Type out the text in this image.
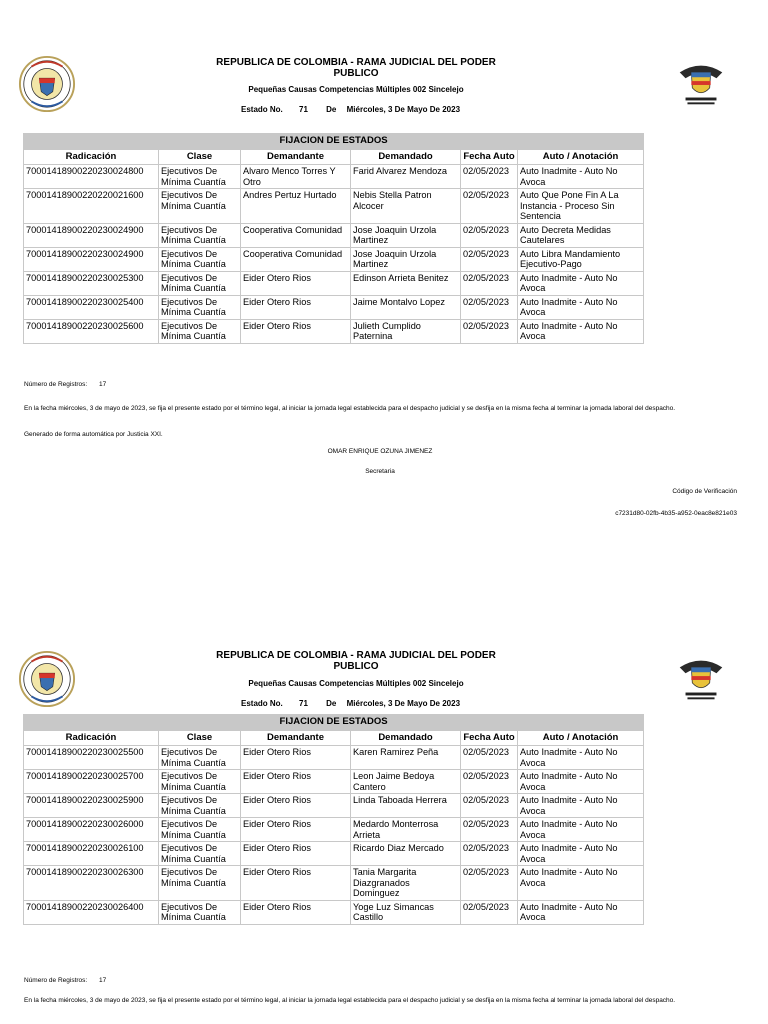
REPUBLICA DE COLOMBIA - RAMA JUDICIAL DEL PODER PUBLICO
Pequeñas Causas Competencias Múltiples 002 Sincelejo
Estado No. 71 De Miércoles, 3 De Mayo De 2023
FIJACION DE ESTADOS					
Radicación	Clase	Demandante	Demandado	Fecha Auto	Auto / Anotación
70001418900220230024800	Ejecutivos De Mínima Cuantía	Alvaro Menco Torres Y Otro	Farid Alvarez Mendoza	02/05/2023	Auto Inadmite - Auto No Avoca
70001418900220220021600	Ejecutivos De Mínima Cuantía	Andres Pertuz Hurtado	Nebis Stella Patron Alcocer	02/05/2023	Auto Que Pone Fin A La Instancia - Proceso Sin Sentencia
70001418900220230024900	Ejecutivos De Mínima Cuantía	Cooperativa Comunidad	Jose Joaquin Urzola Martinez	02/05/2023	Auto Decreta Medidas Cautelares
70001418900220230024900	Ejecutivos De Mínima Cuantía	Cooperativa Comunidad	Jose Joaquin Urzola Martinez	02/05/2023	Auto Libra Mandamiento Ejecutivo-Pago
70001418900220230025300	Ejecutivos De Mínima Cuantía	Eider Otero Rios	Edinson Arrieta Benitez	02/05/2023	Auto Inadmite - Auto No Avoca
70001418900220230025400	Ejecutivos De Mínima Cuantía	Eider Otero Rios	Jaime Montalvo Lopez	02/05/2023	Auto Inadmite - Auto No Avoca
70001418900220230025600	Ejecutivos De Mínima Cuantía	Eider Otero Rios	Julieth Cumplido Paternina	02/05/2023	Auto Inadmite - Auto No Avoca
Número de Registros: 17
En la fecha miércoles, 3 de mayo de 2023, se fija el presente estado por el término legal, al iniciar la jornada legal establecida para el despacho judicial y se desfija en la misma fecha al terminar la jornada laboral del despacho.
Generado de forma automática por Justicia XXI.
OMAR ENRIQUE OZUNA JIMENEZ
Secretaria
Código de Verificación
c7231d80-02fb-4b35-a952-0eac8e821e03
REPUBLICA DE COLOMBIA - RAMA JUDICIAL DEL PODER PUBLICO
Pequeñas Causas Competencias Múltiples 002 Sincelejo
Estado No. 71 De Miércoles, 3 De Mayo De 2023
FIJACION DE ESTADOS					
Radicación	Clase	Demandante	Demandado	Fecha Auto	Auto / Anotación
70001418900220230025500	Ejecutivos De Mínima Cuantía	Eider Otero Rios	Karen Ramirez Peña	02/05/2023	Auto Inadmite - Auto No Avoca
70001418900220230025700	Ejecutivos De Mínima Cuantía	Eider Otero Rios	Leon Jaime Bedoya Cantero	02/05/2023	Auto Inadmite - Auto No Avoca
70001418900220230025900	Ejecutivos De Mínima Cuantía	Eider Otero Rios	Linda Taboada Herrera	02/05/2023	Auto Inadmite - Auto No Avoca
70001418900220230026000	Ejecutivos De Mínima Cuantía	Eider Otero Rios	Medardo Monterrosa Arrieta	02/05/2023	Auto Inadmite - Auto No Avoca
70001418900220230026100	Ejecutivos De Mínima Cuantía	Eider Otero Rios	Ricardo Diaz Mercado	02/05/2023	Auto Inadmite - Auto No Avoca
70001418900220230026300	Ejecutivos De Mínima Cuantía	Eider Otero Rios	Tania Margarita Diazgranados Dominguez	02/05/2023	Auto Inadmite - Auto No Avoca
70001418900220230026400	Ejecutivos De Mínima Cuantía	Eider Otero Rios	Yoge Luz Simancas Castillo	02/05/2023	Auto Inadmite - Auto No Avoca
Número de Registros: 17
En la fecha miércoles, 3 de mayo de 2023, se fija el presente estado por el término legal, al iniciar la jornada legal establecida para el despacho judicial y se desfija en la misma fecha al terminar la jornada laboral del despacho.
